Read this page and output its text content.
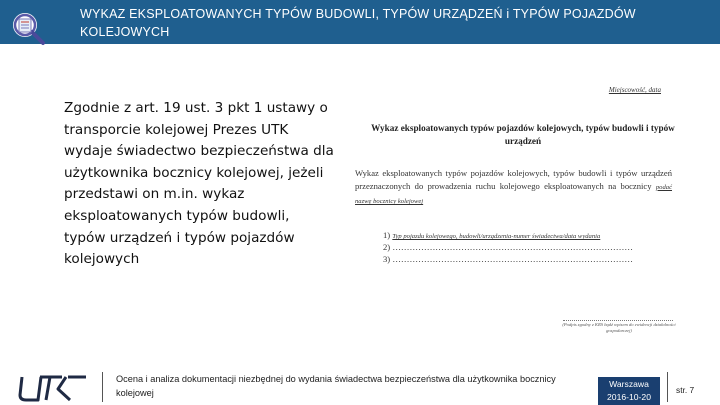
WYKAZ EKSPLOATOWANYCH TYPÓW BUDOWLI, TYPÓW URZĄDZEŃ i TYPÓW POJAZDÓW KOLEJOWYCH
Zgodnie z art. 19 ust. 3 pkt 1 ustawy o transporcie kolejowej Prezes UTK wydaje świadectwo bezpieczeństwa dla użytkownika bocznicy kolejowej, jeżeli przedstawi on m.in. wykaz eksploatowanych typów budowli, typów urządzeń i typów pojazdów kolejowych
Miejscowość, data
Wykaz eksploatowanych typów pojazdów kolejowych, typów budowli i typów urządzeń
Wykaz eksploatowanych typów pojazdów kolejowych, typów budowli i typów urządzeń przeznaczonych do prowadzenia ruchu kolejowego eksploatowanych na bocznicy podać nazwę bocznicy kolejowej
1) Typ pojazdu kolejowego, budowli/urządzenia-numer świadectwa/data wydania
2) …………………………………………………………………………
3) …………………………………………………………………………
(Podpis zgodny z KRS bądź wpisem do ewidencji działalności gospodarczej)
Ocena i analiza dokumentacji niezbędnej do wydania świadectwa bezpieczeństwa dla użytkownika bocznicy kolejowej
Warszawa
2016-10-20
str. 7
